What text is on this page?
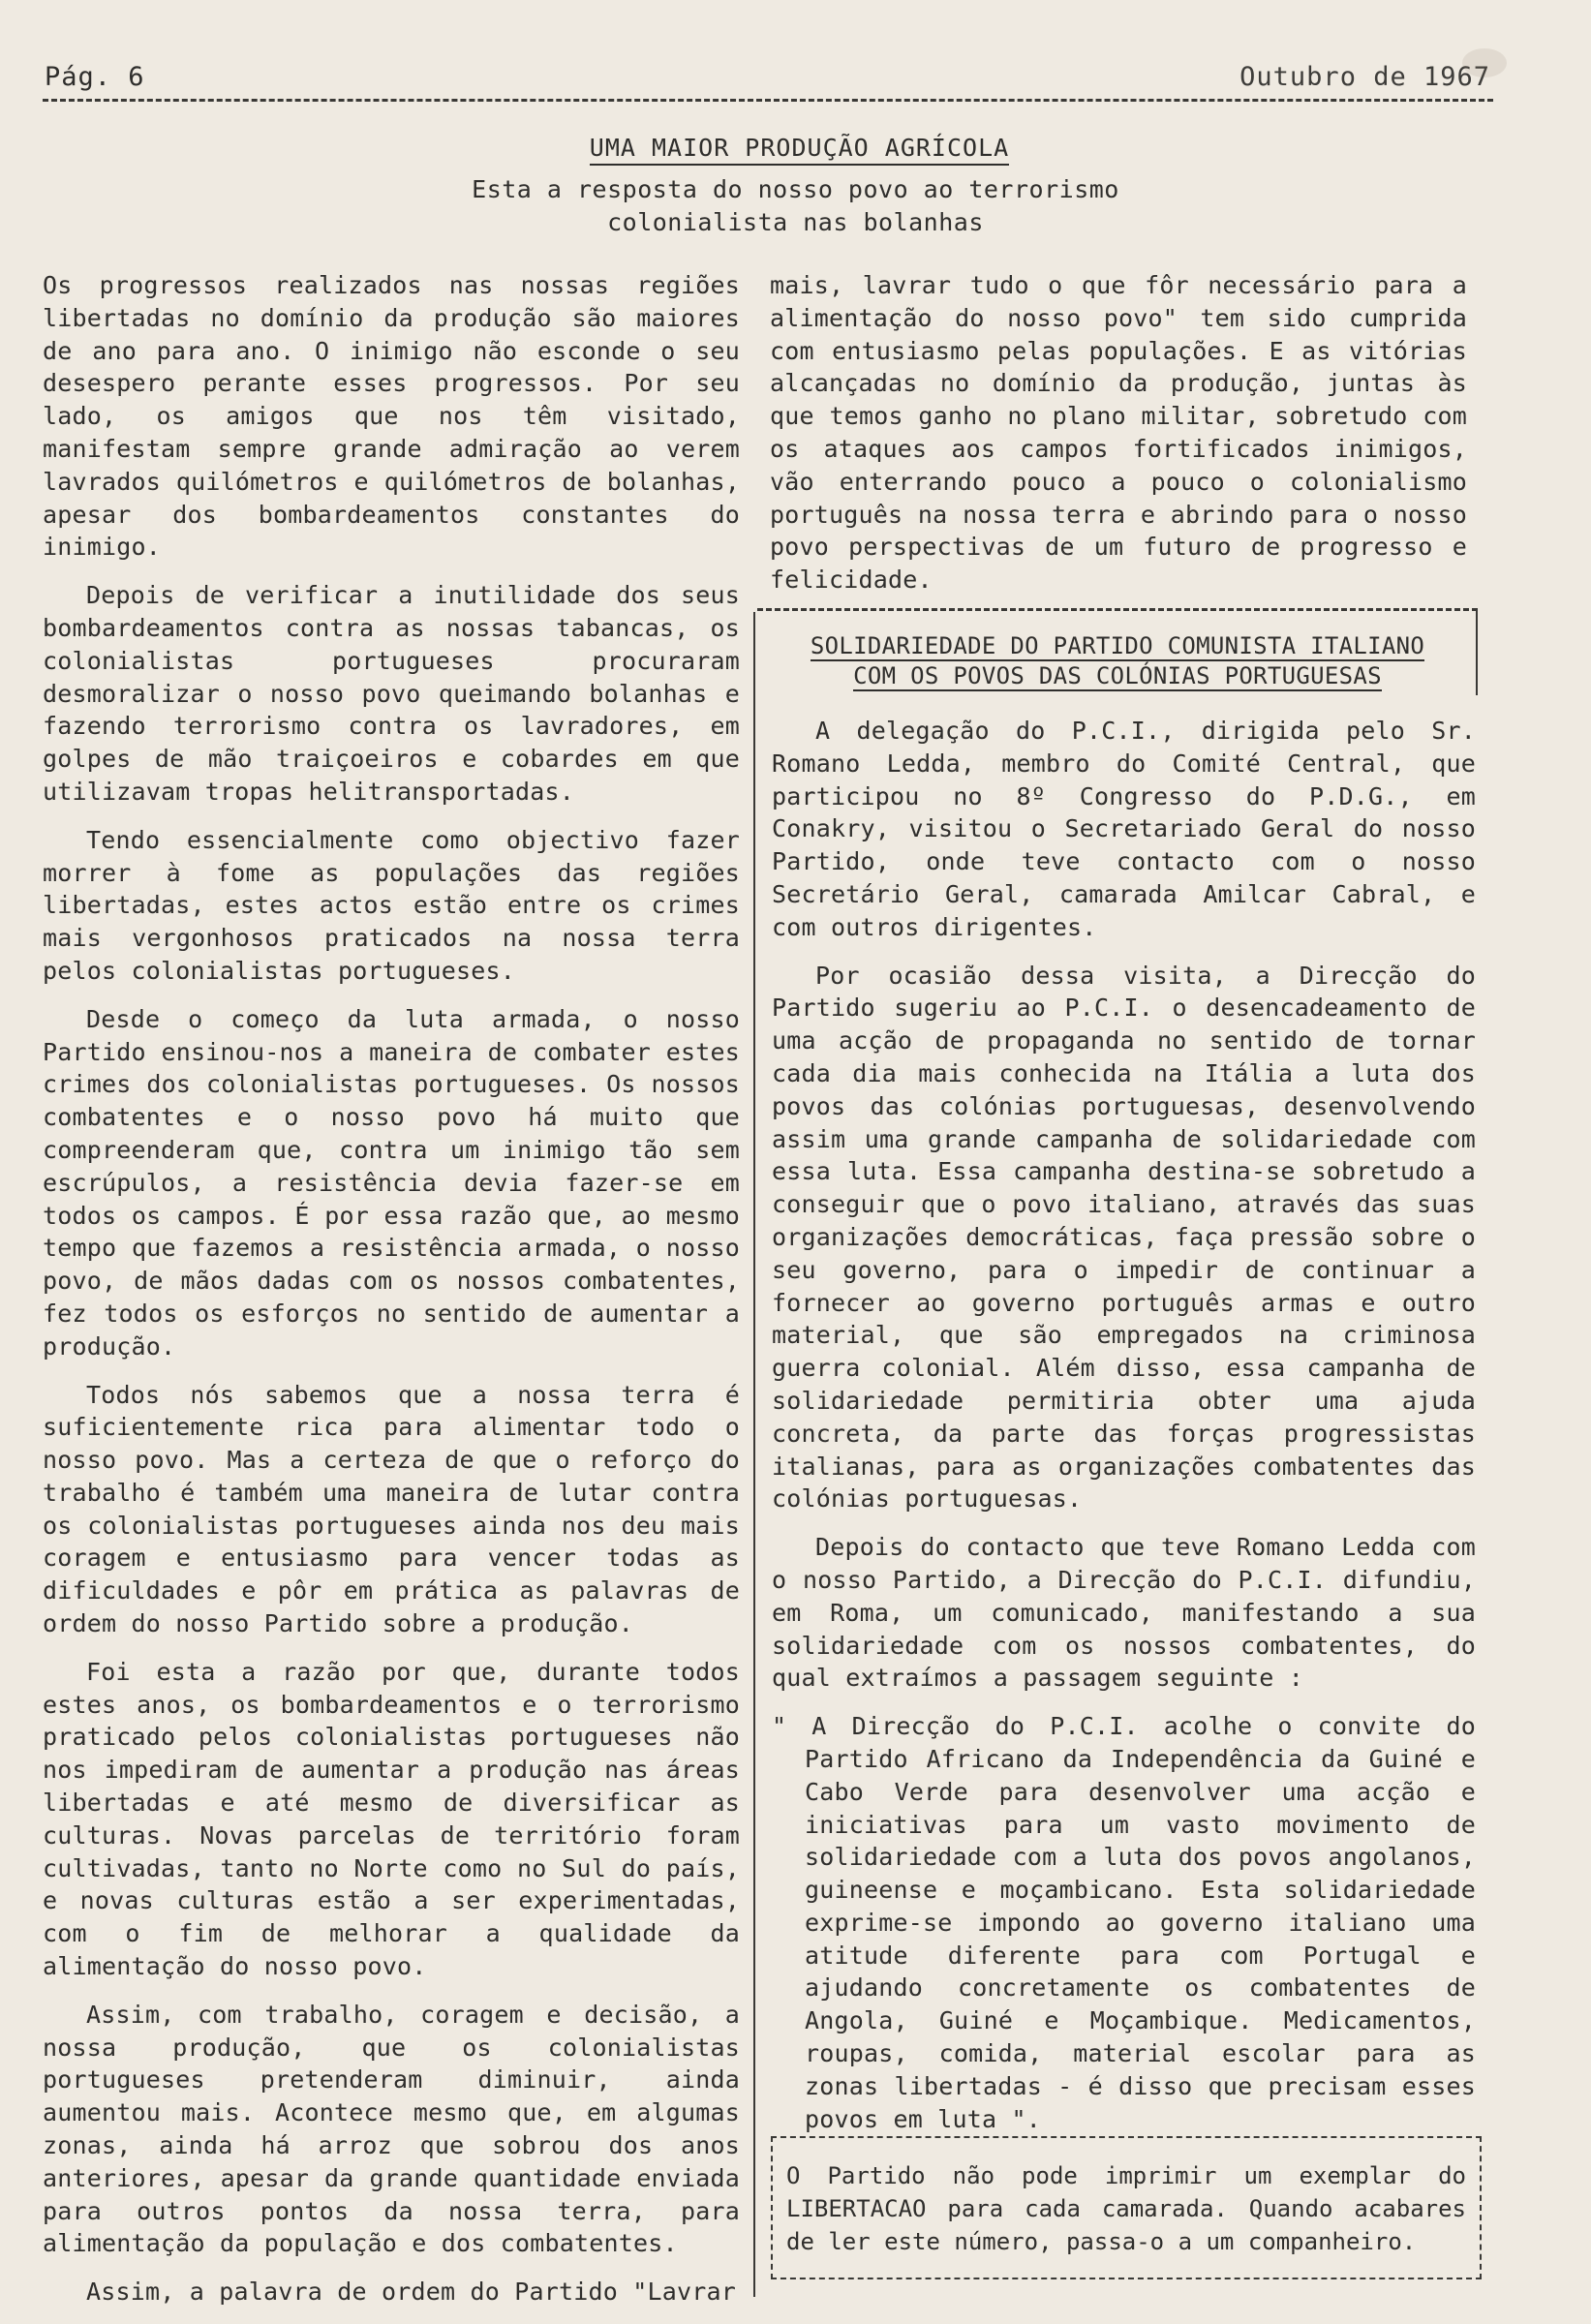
Pág. 6	Outubro de 1967
UMA MAIOR PRODUÇÃO AGRÍCOLA
Esta a resposta do nosso povo ao terrorismo
colonialista nas bolanhas

Os progressos realizados nas nossas regiões libertadas no domínio da produção são maiores de ano para ano. O inimigo não esconde o seu desespero perante esses progressos. Por seu lado, os amigos que nos têm visitado, manifestam sempre grande admiração ao verem lavrados quilómetros e quilómetros de bolanhas, apesar dos bombardeamentos constantes do inimigo.

Depois de verificar a inutilidade dos seus bombardeamentos contra as nossas tabancas, os colonialistas portugueses procuraram desmoralizar o nosso povo queimando bolanhas e fazendo terrorismo contra os lavradores, em golpes de mão traiçoeiros e cobardes em que utilizavam tropas helitransportadas.

Tendo essencialmente como objectivo fazer morrer à fome as populações das regiões libertadas, estes actos estão entre os crimes mais vergonhosos praticados na nossa terra pelos colonialistas portugueses.

Desde o começo da luta armada, o nosso Partido ensinou-nos a maneira de combater estes crimes dos colonialistas portugueses. Os nossos combatentes e o nosso povo há muito que compreenderam que, contra um inimigo tão sem escrúpulos, a resistência devia fazer-se em todos os campos. É por essa razão que, ao mesmo tempo que fazemos a resistência armada, o nosso povo, de mãos dadas com os nossos combatentes, fez todos os esforços no sentido de aumentar a produção.

Todos nós sabemos que a nossa terra é suficientemente rica para alimentar todo o nosso povo. Mas a certeza de que o reforço do trabalho é também uma maneira de lutar contra os colonialistas portugueses ainda nos deu mais coragem e entusiasmo para vencer todas as dificuldades e pôr em prática as palavras de ordem do nosso Partido sobre a produção.

Foi esta a razão por que, durante todos estes anos, os bombardeamentos e o terrorismo praticado pelos colonialistas portugueses não nos impediram de aumentar a produção nas áreas libertadas e até mesmo de diversificar as culturas. Novas parcelas de território foram cultivadas, tanto no Norte como no Sul do país, e novas culturas estão a ser experimentadas, com o fim de melhorar a qualidade da alimentação do nosso povo.

Assim, com trabalho, coragem e decisão, a nossa produção, que os colonialistas portugueses pretenderam diminuir, ainda aumentou mais. Acontece mesmo que, em algumas zonas, ainda há arroz que sobrou dos anos anteriores, apesar da grande quantidade enviada para outros pontos da nossa terra, para alimentação da população e dos combatentes.

Assim, a palavra de ordem do Partido "Lavrar

mais, lavrar tudo o que fôr necessário para a alimentação do nosso povo" tem sido cumprida com entusiasmo pelas populações. E as vitórias alcançadas no domínio da produção, juntas às que temos ganho no plano militar, sobretudo com os ataques aos campos fortificados inimigos, vão enterrando pouco a pouco o colonialismo português na nossa terra e abrindo para o nosso povo perspectivas de um futuro de progresso e felicidade.

SOLIDARIEDADE DO PARTIDO COMUNISTA ITALIANO
COM OS POVOS DAS COLÓNIAS PORTUGUESAS

A delegação do P.C.I., dirigida pelo Sr. Romano Ledda, membro do Comité Central, que participou no 8º Congresso do P.D.G., em Conakry, visitou o Secretariado Geral do nosso Partido, onde teve contacto com o nosso Secretário Geral, camarada Amilcar Cabral, e com outros dirigentes.

Por ocasião dessa visita, a Direcção do Partido sugeriu ao P.C.I. o desencadeamento de uma acção de propaganda no sentido de tornar cada dia mais conhecida na Itália a luta dos povos das colónias portuguesas, desenvolvendo assim uma grande campanha de solidariedade com essa luta. Essa campanha destina-se sobretudo a conseguir que o povo italiano, através das suas organizações democráticas, faça pressão sobre o seu governo, para o impedir de continuar a fornecer ao governo português armas e outro material, que são empregados na criminosa guerra colonial. Além disso, essa campanha de solidariedade permitiria obter uma ajuda concreta, da parte das forças progressistas italianas, para as organizações combatentes das colónias portuguesas.

Depois do contacto que teve Romano Ledda com o nosso Partido, a Direcção do P.C.I. difundiu, em Roma, um comunicado, manifestando a sua solidariedade com os nossos combatentes, do qual extraímos a passagem seguinte :

" A Direcção do P.C.I. acolhe o convite do Partido Africano da Independência da Guiné e Cabo Verde para desenvolver uma acção e iniciativas para um vasto movimento de solidariedade com a luta dos povos angolanos, guineense e moçambicano. Esta solidariedade exprime-se impondo ao governo italiano uma atitude diferente para com Portugal e ajudando concretamente os combatentes de Angola, Guiné e Moçambique. Medicamentos, roupas, comida, material escolar para as zonas libertadas - é disso que precisam esses povos em luta ".

O Partido não pode imprimir um exemplar do LIBERTACAO para cada camarada. Quando acabares de ler este número, passa-o a um companheiro.
